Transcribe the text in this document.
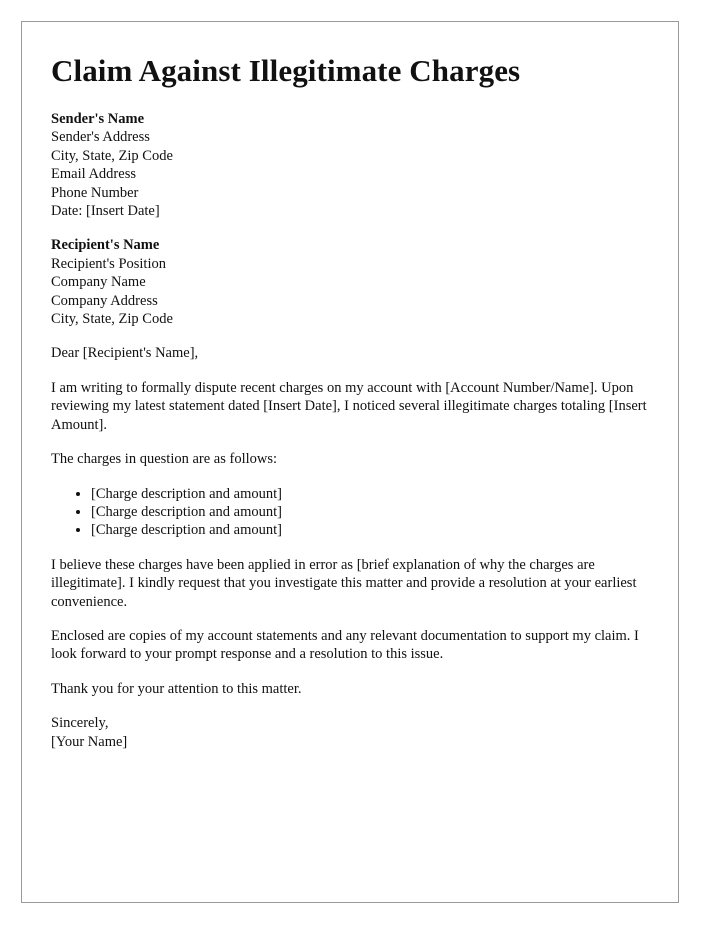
Claim Against Illegitimate Charges
Sender's Name
Sender's Address
City, State, Zip Code
Email Address
Phone Number
Date: [Insert Date]
Recipient's Name
Recipient's Position
Company Name
Company Address
City, State, Zip Code

Dear [Recipient's Name],

I am writing to formally dispute recent charges on my account with [Account Number/Name]. Upon reviewing my latest statement dated [Insert Date], I noticed several illegitimate charges totaling [Insert Amount].

The charges in question are as follows:

• [Charge description and amount]
• [Charge description and amount]
• [Charge description and amount]

I believe these charges have been applied in error as [brief explanation of why the charges are illegitimate]. I kindly request that you investigate this matter and provide a resolution at your earliest convenience.

Enclosed are copies of my account statements and any relevant documentation to support my claim. I look forward to your prompt response and a resolution to this issue.

Thank you for your attention to this matter.

Sincerely,
[Your Name]
